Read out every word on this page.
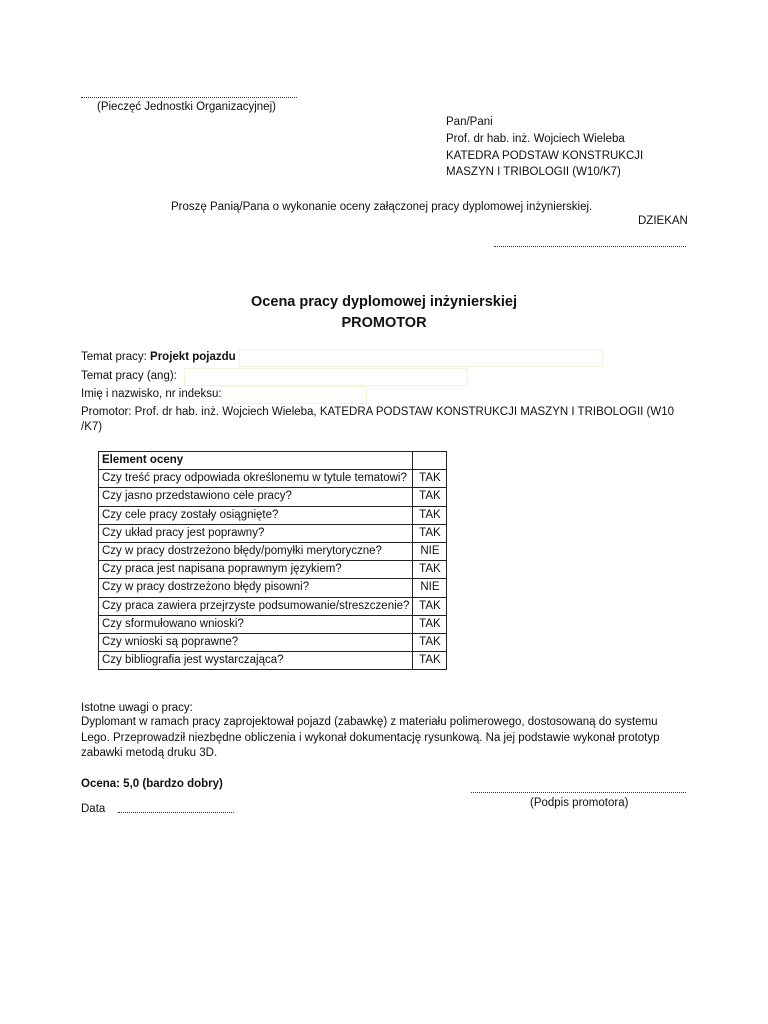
(Pieczęć Jednostki Organizacyjnej)
Pan/Pani
Prof. dr hab. inż. Wojciech Wieleba
KATEDRA PODSTAW KONSTRUKCJI
MASZYN I TRIBOLOGII (W10/K7)
Proszę Panią/Pana o wykonanie oceny załączonej pracy dyplomowej inżynierskiej.
DZIEKAN
Ocena pracy dyplomowej inżynierskiej
PROMOTOR
Temat pracy: Projekt pojazdu
Temat pracy (ang):
Imię i nazwisko, nr indeksu:
Promotor: Prof. dr hab. inż. Wojciech Wieleba, KATEDRA PODSTAW KONSTRUKCJI MASZYN I TRIBOLOGII (W10
/K7)
Element oceny	
Czy treść pracy odpowiada określonemu w tytule tematowi?	TAK
Czy jasno przedstawiono cele pracy?	TAK
Czy cele pracy zostały osiągnięte?	TAK
Czy układ pracy jest poprawny?	TAK
Czy w pracy dostrzeżono błędy/pomyłki merytoryczne?	NIE
Czy praca jest napisana poprawnym językiem?	TAK
Czy w pracy dostrzeżono błędy pisowni?	NIE
Czy praca zawiera przejrzyste podsumowanie/streszczenie?	TAK
Czy sformułowano wnioski?	TAK
Czy wnioski są poprawne?	TAK
Czy bibliografia jest wystarczająca?	TAK
Istotne uwagi o pracy:
Dyplomant w ramach pracy zaprojektował pojazd (zabawkę) z materiału polimerowego, dostosowaną do systemu Lego. Przeprowadził niezbędne obliczenia i wykonał dokumentację rysunkową. Na jej podstawie wykonał prototyp zabawki metodą druku 3D.
Ocena: 5,0 (bardzo dobry)
(Podpis promotora)
Data
